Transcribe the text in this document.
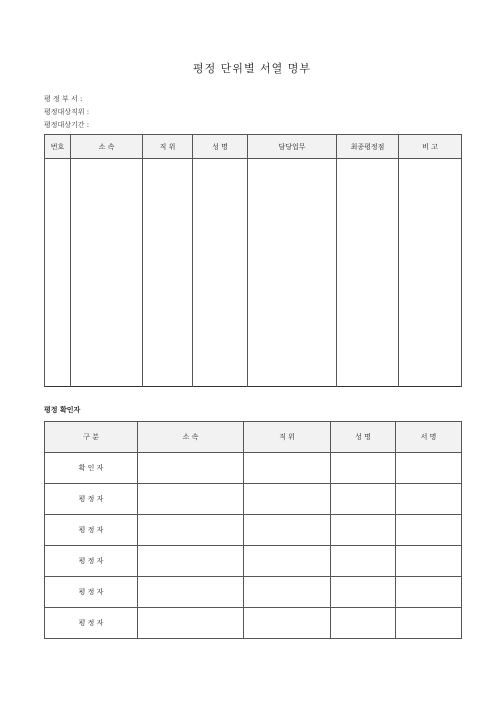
평정 단위별 서열 명부
평 정 부 서 :
평정대상직위 :
평정대상기간 :
번호	소 속	직 위	성 명	담당업무	최종평정점	비 고

평정 확인자
구 분	소 속	직 위	성 명	서 명
확 인 자				
평 정 자				
평 정 자				
평 정 자				
평 정 자				
평 정 자				
